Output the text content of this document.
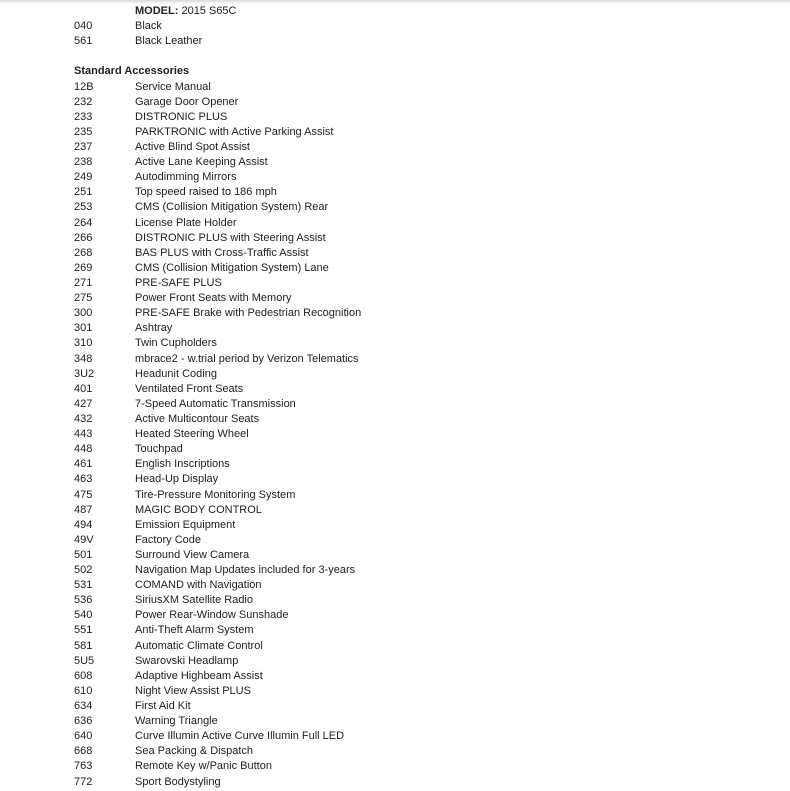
MODEL: 2015 S65C
040	Black
561	Black Leather
Standard Accessories
12B	Service Manual
232	Garage Door Opener
233	DISTRONIC PLUS
235	PARKTRONIC with Active Parking Assist
237	Active Blind Spot Assist
238	Active Lane Keeping Assist
249	Autodimming Mirrors
251	Top speed raised to 186 mph
253	CMS (Collision Mitigation System) Rear
264	License Plate Holder
266	DISTRONIC PLUS with Steering Assist
268	BAS PLUS with Cross-Traffic Assist
269	CMS (Collision Mitigation System) Lane
271	PRE-SAFE PLUS
275	Power Front Seats with Memory
300	PRE-SAFE Brake with Pedestrian Recognition
301	Ashtray
310	Twin Cupholders
348	mbrace2 - w.trial period by Verizon Telematics
3U2	Headunit Coding
401	Ventilated Front Seats
427	7-Speed Automatic Transmission
432	Active Multicontour Seats
443	Heated Steering Wheel
448	Touchpad
461	English Inscriptions
463	Head-Up Display
475	Tire-Pressure Monitoring System
487	MAGIC BODY CONTROL
494	Emission Equipment
49V	Factory Code
501	Surround View Camera
502	Navigation Map Updates included for 3-years
531	COMAND with Navigation
536	SiriusXM Satellite Radio
540	Power Rear-Window Sunshade
551	Anti-Theft Alarm System
581	Automatic Climate Control
5U5	Swarovski Headlamp
608	Adaptive Highbeam Assist
610	Night View Assist PLUS
634	First Aid Kit
636	Warning Triangle
640	Curve Illumin Active Curve Illumin Full LED
668	Sea Packing & Dispatch
763	Remote Key w/Panic Button
772	Sport Bodystyling
